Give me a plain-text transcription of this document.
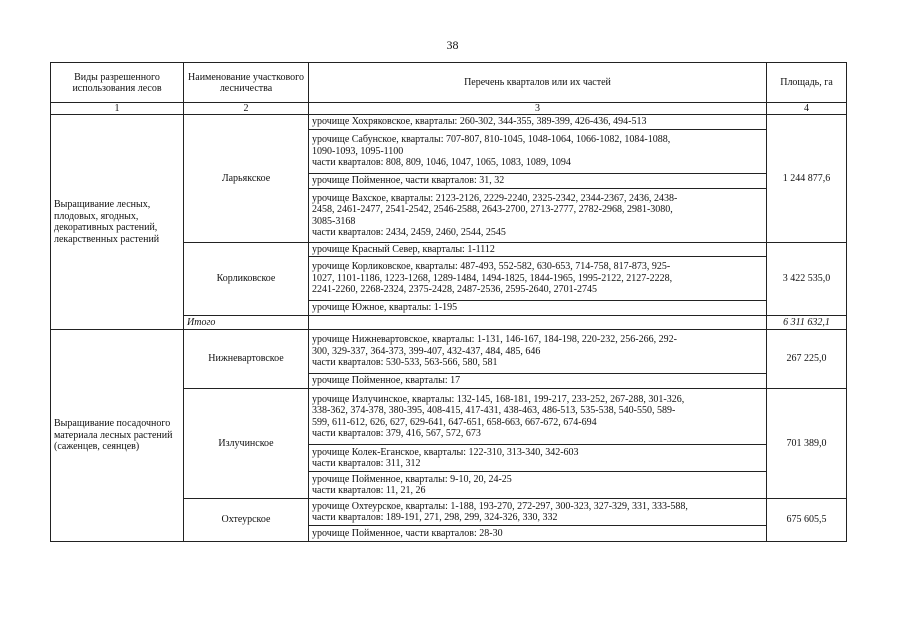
38
Виды разрешенного использования лесов	Наименование участкового лесничества	Перечень кварталов или их частей	Площадь, га
1	2	3	4
Выращивание лесных, плодовых, ягодных, декоративных растений, лекарственных растений	Ларьякское	урочище Хохряковское, кварталы: 260-302, 344-355, 389-399, 426-436, 494-513	1 244 877,6

		урочище Сабунское, кварталы: 707-807, 810-1045, 1048-1064, 1066-1082, 1084-1088,
1090-1093, 1095-1100
части кварталов: 808, 809, 1046, 1047, 1065, 1083, 1089, 1094	

		урочище Пойменное, части кварталов: 31, 32	

		урочище Вахское, кварталы: 2123-2126, 2229-2240, 2325-2342, 2344-2367, 2436, 2438-
2458, 2461-2477, 2541-2542, 2546-2588, 2643-2700, 2713-2777, 2782-2968, 2981-3080,
3085-3168
части кварталов: 2434, 2459, 2460, 2544, 2545	

	Корликовское	урочище Красный Север, кварталы: 1-1112	3 422 535,0

		урочище Корликовское, кварталы: 487-493, 552-582, 630-653, 714-758, 817-873, 925-
1027, 1101-1186, 1223-1268, 1289-1484, 1494-1825, 1844-1965, 1995-2122, 2127-2228,
2241-2260, 2268-2324, 2375-2428, 2487-2536, 2595-2640, 2701-2745	

		урочище Южное, кварталы: 1-195	

	Итого		6 311 632,1
Выращивание посадочного материала лесных растений (саженцев, сеянцев)	Нижневартовское	урочище Нижневартовское, кварталы: 1-131, 146-167, 184-198, 220-232, 256-266, 292-
300, 329-337, 364-373, 399-407, 432-437, 484, 485, 646
части кварталов: 530-533, 563-566, 580, 581	267 225,0

		урочище Пойменное, кварталы: 17	

	Излучинское	урочище Излучинское, кварталы: 132-145, 168-181, 199-217, 233-252, 267-288, 301-326,
338-362, 374-378, 380-395, 408-415, 417-431, 438-463, 486-513, 535-538, 540-550, 589-
599, 611-612, 626, 627, 629-641, 647-651, 658-663, 667-672, 674-694
части кварталов: 379, 416, 567, 572, 673	701 389,0

		урочище Колек-Еганское, кварталы: 122-310, 313-340, 342-603
части кварталов: 311, 312	

		урочище Пойменное, кварталы: 9-10, 20, 24-25
части кварталов: 11, 21, 26	

	Охтеурское	урочище Охтеурское, кварталы: 1-188, 193-270, 272-297, 300-323, 327-329, 331, 333-588,
части кварталов: 189-191, 271, 298, 299, 324-326, 330, 332	675 605,5

		урочище Пойменное, части кварталов: 28-30	
